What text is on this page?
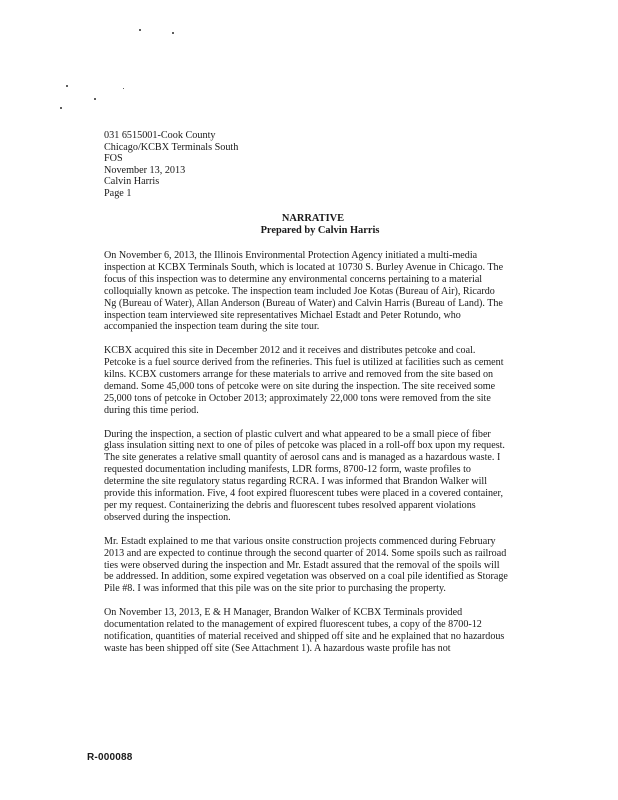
031 6515001-Cook County
Chicago/KCBX Terminals South
FOS
November 13, 2013
Calvin Harris
Page 1
NARRATIVE
Prepared by Calvin Harris

On November 6, 2013, the Illinois Environmental Protection Agency initiated a multi-media inspection at KCBX Terminals South, which is located at 10730 S. Burley Avenue in Chicago. The focus of this inspection was to determine any environmental concerns pertaining to a material colloquially known as petcoke. The inspection team included Joe Kotas (Bureau of Air), Ricardo Ng (Bureau of Water), Allan Anderson (Bureau of Water) and Calvin Harris (Bureau of Land). The inspection team interviewed site representatives Michael Estadt and Peter Rotundo, who accompanied the inspection team during the site tour.

KCBX acquired this site in December 2012 and it receives and distributes petcoke and coal. Petcoke is a fuel source derived from the refineries. This fuel is utilized at facilities such as cement kilns. KCBX customers arrange for these materials to arrive and removed from the site based on demand. Some 45,000 tons of petcoke were on site during the inspection. The site received some 25,000 tons of petcoke in October 2013; approximately 22,000 tons were removed from the site during this time period.

During the inspection, a section of plastic culvert and what appeared to be a small piece of fiber glass insulation sitting next to one of piles of petcoke was placed in a roll-off box upon my request. The site generates a relative small quantity of aerosol cans and is managed as a hazardous waste. I requested documentation including manifests, LDR forms, 8700-12 form, waste profiles to determine the site regulatory status regarding RCRA. I was informed that Brandon Walker will provide this information. Five, 4 foot expired fluorescent tubes were placed in a covered container, per my request. Containerizing the debris and fluorescent tubes resolved apparent violations observed during the inspection.

Mr. Estadt explained to me that various onsite construction projects commenced during February 2013 and are expected to continue through the second quarter of 2014. Some spoils such as railroad ties were observed during the inspection and Mr. Estadt assured that the removal of the spoils will be addressed. In addition, some expired vegetation was observed on a coal pile identified as Storage Pile #8. I was informed that this pile was on the site prior to purchasing the property.

On November 13, 2013, E & H Manager, Brandon Walker of KCBX Terminals provided documentation related to the management of expired fluorescent tubes, a copy of the 8700-12 notification, quantities of material received and shipped off site and he explained that no hazardous waste has been shipped off site (See Attachment 1). A hazardous waste profile has not

R-000088
